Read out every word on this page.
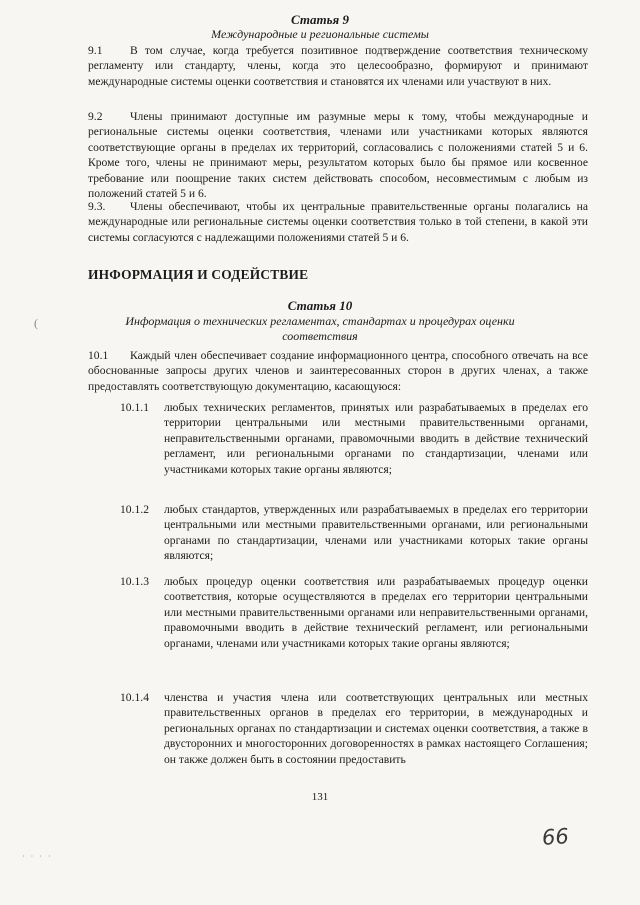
Статья 9
Международные и региональные системы
9.1	В том случае, когда требуется позитивное подтверждение соответствия техническому регламенту или стандарту, члены, когда это целесообразно, формируют и принимают международные системы оценки соответствия и становятся их членами или участвуют в них.
9.2	Члены принимают доступные им разумные меры к тому, чтобы международные и региональные системы оценки соответствия, членами или участниками которых являются соответствующие органы в пределах их территорий, согласовались с положениями статей 5 и 6. Кроме того, члены не принимают меры, результатом которых было бы прямое или косвенное требование или поощрение таких систем действовать способом, несовместимым с любым из положений статей 5 и 6.
9.3.	Члены обеспечивают, чтобы их центральные правительственные органы полагались на международные или региональные системы оценки соответствия только в той степени, в какой эти системы согласуются с надлежащими положениями статей 5 и 6.
ИНФОРМАЦИЯ И СОДЕЙСТВИЕ
Статья 10
Информация о технических регламентах, стандартах и процедурах оценки соответствия
10.1	Каждый член обеспечивает создание информационного центра, способного отвечать на все обоснованные запросы других членов и заинтересованных сторон в других членах, а также предоставлять соответствующую документацию, касающуюся:
10.1.1 любых технических регламентов, принятых или разрабатываемых в пределах его территории центральными или местными правительственными органами, неправительственными органами, правомочными вводить в действие технический регламент, или региональными органами по стандартизации, членами или участниками которых такие органы являются;
10.1.2 любых стандартов, утвержденных или разрабатываемых в пределах его территории центральными или местными правительственными органами, или региональными органами по стандартизации, членами или участниками которых такие органы являются;
10.1.3 любых процедур оценки соответствия или разрабатываемых процедур оценки соответствия, которые осуществляются в пределах его территории центральными или местными правительственными органами или неправительственными органами, правомочными вводить в действие технический регламент, или региональными органами, членами или участниками которых такие органы являются;
10.1.4 членства и участия члена или соответствующих центральных или местных правительственных органов в пределах его территории, в международных и региональных органах по стандартизации и системах оценки соответствия, а также в двусторонних и многосторонних договоренностях в рамках настоящего Соглашения; он также должен быть в состоянии предоставить
131
66
(
· · · ·
